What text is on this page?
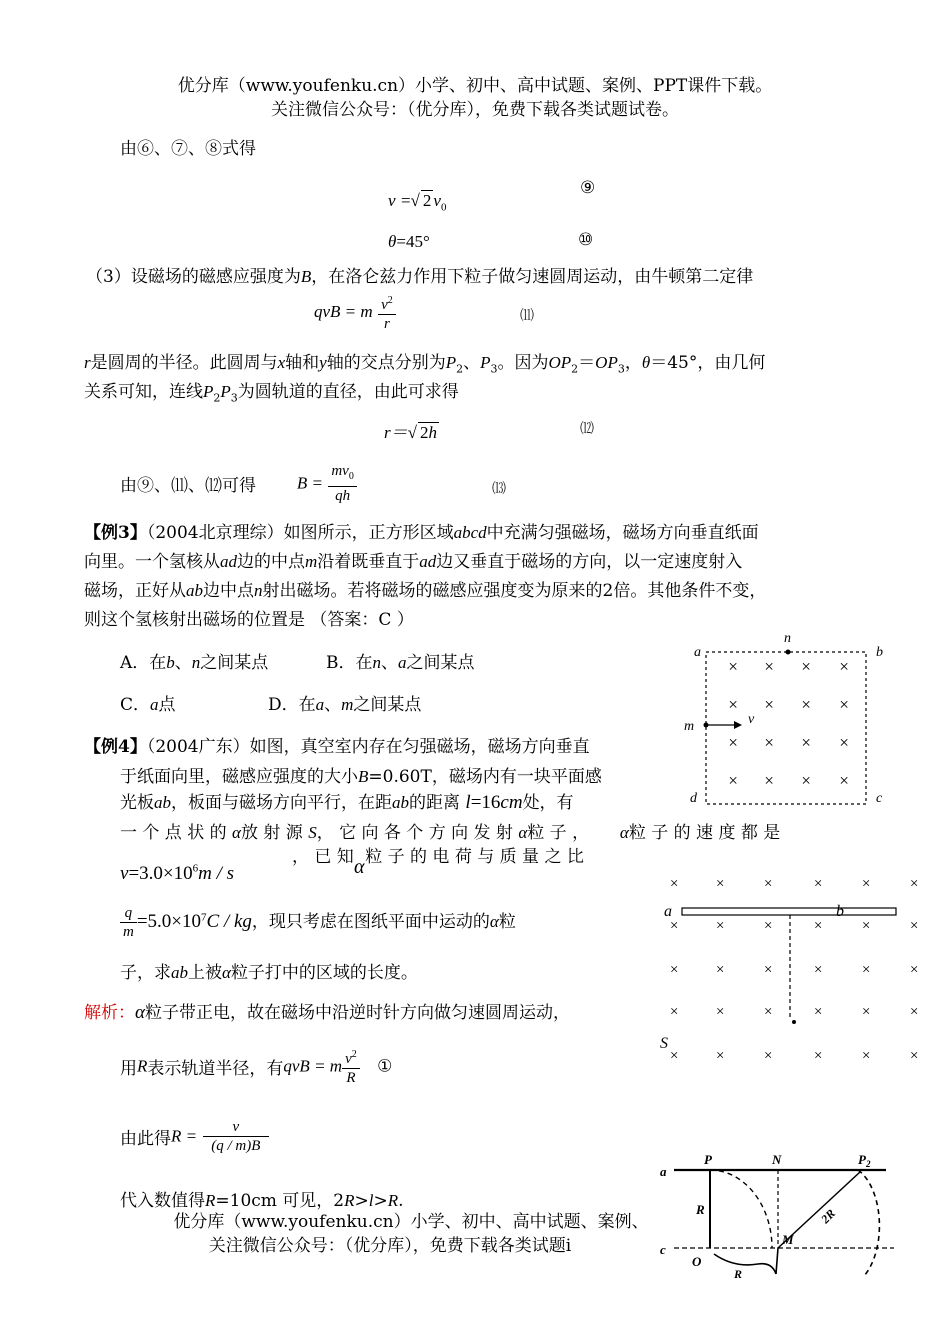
优分库（www.youfenku.cn）小学、初中、高中试题、案例、PPT课件下载。
关注微信公众号：（优分库），免费下载各类试题试卷。
由⑥、⑦、⑧式得
v =√ 2 $v_0$
⑨
θ=45°	⑩
（3）设磁场的磁感应强度为B，在洛仑兹力作用下粒子做匀速圆周运动，由牛顿第二定律
qvB = m $\frac{v^2}{r}$	⑾
r是圆周的半径。此圆周与x轴和y轴的交点分别为$P_2$、$P_3$。因为$OP_2=OP_3$，θ＝45°，由几何
关系可知，连线$P_2P_3$为圆轨道的直径，由此可求得
r＝√ 2h	⑿
由⑨、⑾、⑿可得 $B = \frac{mv_0}{qh}$	⒀
【例3】（2004北京理综）如图所示，正方形区域abcd中充满匀强磁场，磁场方向垂直纸面
向里。一个氢核从ad边的中点m沿着既垂直于ad边又垂直于磁场的方向，以一定速度射入
磁场，正好从ab边中点n射出磁场。若将磁场的磁感应强度变为原来的2倍。其他条件不变，
则这个氢核射出磁场的位置是 （答案：C ）
A．在b、n之间某点	B．在n、a之间某点
C．a点	D．在a、m之间某点
a	b
c
d
n
m	v
× × × ×
× × × ×
× × × ×
× × × ×
【例4】（2004广东）如图，真空室内存在匀强磁场，磁场方向垂直
于纸面向里，磁感应强度的大小B=0.60T，磁场内有一块平面感
光板ab，板面与磁场方向平行，在距ab的距离 l=16cm处，有
一 个 点 状 的 α放 射 源 S， 它 向 各 个 方 向 发 射 α粒 子 ， α粒 子 的 速 度 都 是
， 已 知 粒 子 的 电 荷 与 质 量 之 比
$v=3.0\times 10^6m / s$	α
$\frac{q}{m} =5.0\times 10^7C$ / kg，现只考虑在图纸平面中运动的α粒
子，求ab上被α粒子打中的区域的长度。
× ×	×	×	×	×
× ×	×	×	×	×
× ×	×	×	×	×
× ×	×	×	×	×
× ×	×	×	×	×
a	b
S
解析：α粒子带正电，故在磁场中沿逆时针方向做匀速圆周运动，
用R表示轨道半径，有qvB = m $\frac{v^2}{R}$ ①
由此得$R = \frac{v}{(q / m)B}$
代入数值得R=10cm 可见，2R>l>R.
a
P	N	$P_2$
R
c
2R
M
O
R
优分库（www.youfenku.cn）小学、初中、高中试题、案例、
关注微信公众号：（优分库），免费下载各类试题i
